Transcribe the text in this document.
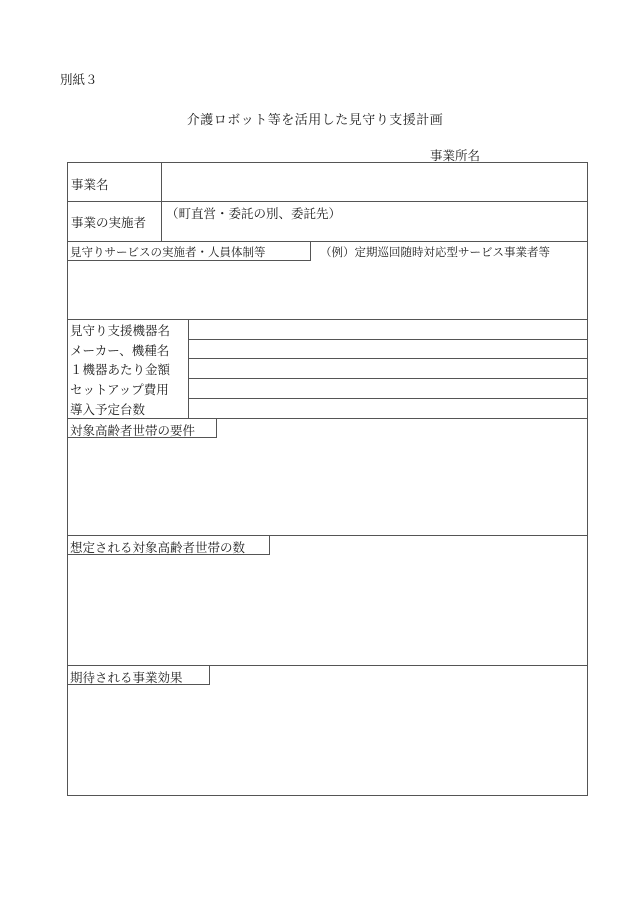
別紙３
介護ロボット等を活用した見守り支援計画
事業所名
事業名
事業の実施者
（町直営・委託の別、委託先）
見守りサービスの実施者・人員体制等	（例）定期巡回随時対応型サービス事業者等
見守り支援機器名
メーカー、機種名
１機器あたり金額
セットアップ費用
導入予定台数
対象高齢者世帯の要件
想定される対象高齢者世帯の数
期待される事業効果
